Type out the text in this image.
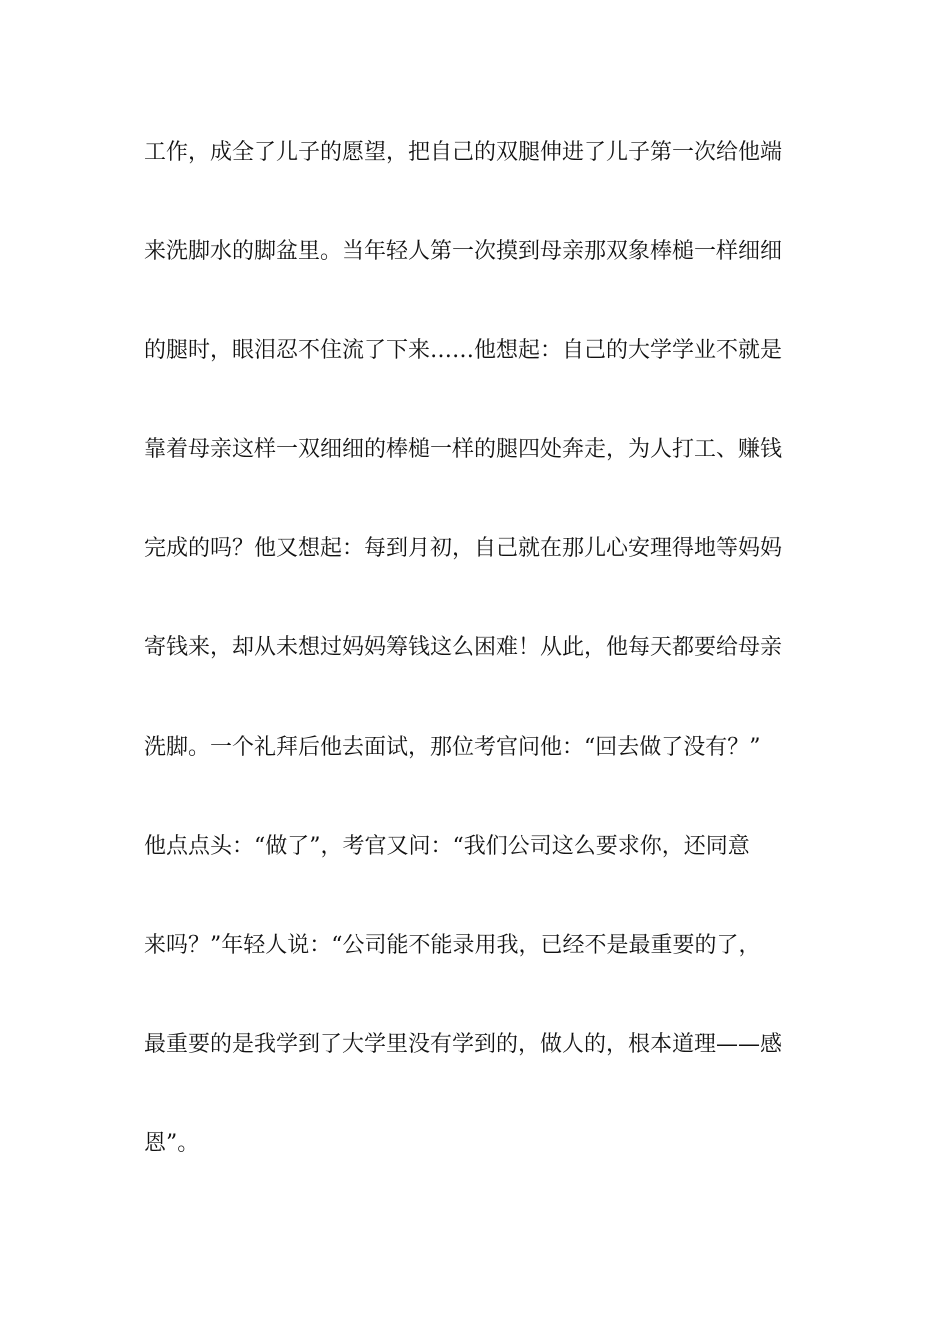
工作，成全了儿子的愿望，把自己的双腿伸进了儿子第一次给他端

来洗脚水的脚盆里。当年轻人第一次摸到母亲那双象棒槌一样细细

的腿时，眼泪忍不住流了下来……他想起：自己的大学学业不就是

靠着母亲这样一双细细的棒槌一样的腿四处奔走，为人打工、赚钱

完成的吗？他又想起：每到月初，自己就在那儿心安理得地等妈妈

寄钱来，却从未想过妈妈筹钱这么困难！从此，他每天都要给母亲

洗脚。一个礼拜后他去面试，那位考官问他：“回去做了没有？”

他点点头：“做了”，考官又问：“我们公司这么要求你，还同意

来吗？”年轻人说：“公司能不能录用我，已经不是最重要的了，

最重要的是我学到了大学里没有学到的，做人的，根本道理——感

恩”。
